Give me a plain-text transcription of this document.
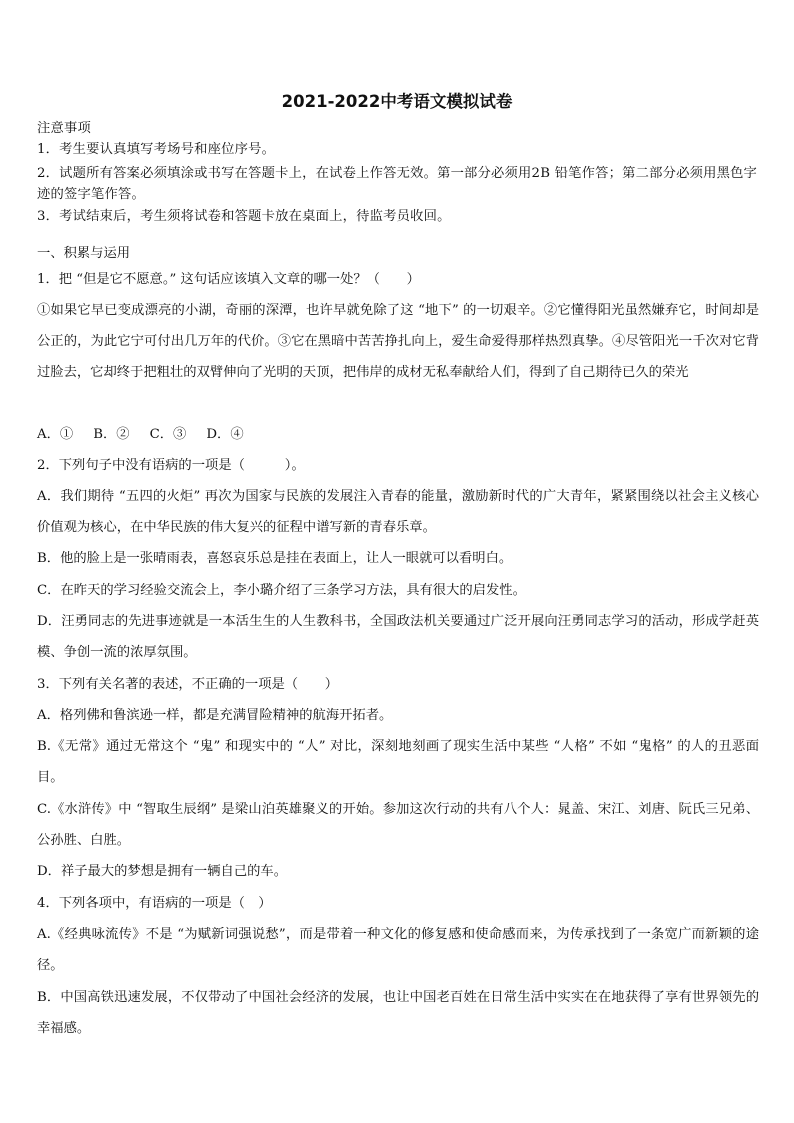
2021-2022中考语文模拟试卷
注意事项
1．考生要认真填写考场号和座位序号。
2．试题所有答案必须填涂或书写在答题卡上，在试卷上作答无效。第一部分必须用2B 铅笔作答；第二部分必须用黑色字迹的签字笔作答。
3．考试结束后，考生须将试卷和答题卡放在桌面上，待监考员收回。
一、积累与运用
1．把 “但是它不愿意。” 这句话应该填入文章的哪一处？（　　）
①如果它早已变成漂亮的小湖，奇丽的深潭，也许早就免除了这 “地下” 的一切艰辛。②它懂得阳光虽然嫌弃它，时间却是公正的，为此它宁可付出几万年的代价。③它在黑暗中苦苦挣扎向上，爱生命爱得那样热烈真挚。④尽管阳光一千次对它背过脸去，它却终于把粗壮的双臂伸向了光明的天顶，把伟岸的成材无私奉献给人们，得到了自己期待已久的荣光
A．① B．② C．③ D．④
2．下列句子中没有语病的一项是（　　　）。
A．我们期待 “五四的火炬” 再次为国家与民族的发展注入青春的能量，激励新时代的广大青年，紧紧围绕以社会主义核心价值观为核心，在中华民族的伟大复兴的征程中谱写新的青春乐章。
B．他的脸上是一张晴雨表，喜怒哀乐总是挂在表面上，让人一眼就可以看明白。
C．在昨天的学习经验交流会上，李小璐介绍了三条学习方法，具有很大的启发性。
D．汪勇同志的先进事迹就是一本活生生的人生教科书，全国政法机关要通过广泛开展向汪勇同志学习的活动，形成学赶英模、争创一流的浓厚氛围。
3．下列有关名著的表述，不正确的一项是（　　）
A．格列佛和鲁滨逊一样，都是充满冒险精神的航海开拓者。
B.《无常》通过无常这个 “鬼” 和现实中的 “人” 对比，深刻地刻画了现实生活中某些 “人格” 不如 “鬼格” 的人的丑恶面目。
C.《水浒传》中 “智取生辰纲” 是梁山泊英雄聚义的开始。参加这次行动的共有八个人：晁盖、宋江、刘唐、阮氏三兄弟、公孙胜、白胜。
D．祥子最大的梦想是拥有一辆自己的车。
4．下列各项中，有语病的一项是（　）
A.《经典咏流传》不是 “为赋新词强说愁”，而是带着一种文化的修复感和使命感而来，为传承找到了一条宽广而新颖的途径。
B．中国高铁迅速发展，不仅带动了中国社会经济的发展，也让中国老百姓在日常生活中实实在在地获得了享有世界领先的幸福感。
